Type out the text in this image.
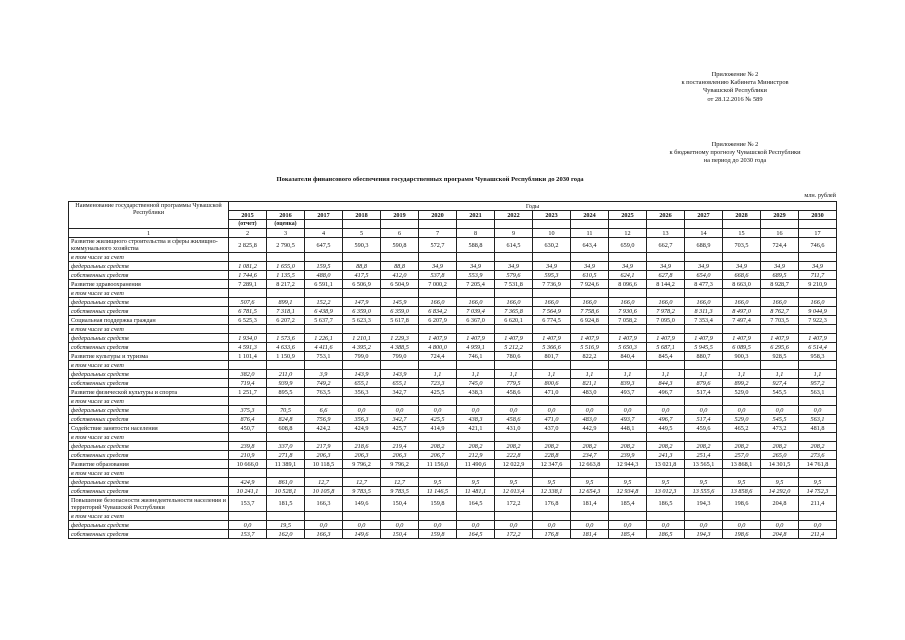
Приложение № 2
к постановлению Кабинета Министров
Чувашской Республики
от 28.12.2016 № 589
Приложение № 2
к бюджетному прогнозу Чувашской Республики
на период до 2030 года
Показатели финансового обеспечения государственных программ Чувашской Республики до 2030 года
млн. рублей
Наименование государственной программы Чувашской Республики	Годы															
	2015	2016	2017	2018	2019	2020	2021	2022	2023	2024	2025	2026	2027	2028	2029	2030
	(отчет)	(оценка)														
1	2	3	4	5	6	7	8	9	10	11	12	13	14	15	16	17
Развитие жилищного строительства и сферы жилищно-коммунального хозяйства	2 825,8	2 790,5	647,5	590,3	590,8	572,7	588,8	614,5	630,2	643,4	659,0	662,7	688,9	703,5	724,4	746,6
в том числе за счет																
федеральных средств	1 081,2	1 655,0	159,5	88,8	88,8	34,9	34,9	34,9	34,9	34,9	34,9	34,9	34,9	34,9	34,9	34,9
собственных средств	1 744,6	1 135,5	488,0	417,5	412,0	537,8	553,9	579,6	595,3	610,5	624,1	627,8	654,0	668,6	689,5	711,7
Развитие здравоохранения	7 289,1	8 217,2	6 591,1	6 506,9	6 504,9	7 000,2	7 205,4	7 531,8	7 736,9	7 924,6	8 096,6	8 144,2	8 477,3	8 663,0	8 928,7	9 210,9
в том числе за счет																
федеральных средств	507,6	899,1	152,2	147,9	145,9	166,0	166,0	166,0	166,0	166,0	166,0	166,0	166,0	166,0	166,0	166,0
собственных средств	6 781,5	7 318,1	6 438,9	6 359,0	6 359,0	6 834,2	7 039,4	7 365,8	7 564,9	7 758,6	7 930,6	7 978,2	8 311,3	8 497,0	8 762,7	9 044,9
Социальная поддержка граждан	6 525,3	6 207,2	5 637,7	5 623,3	5 617,8	6 207,9	6 367,0	6 620,1	6 774,5	6 924,8	7 058,2	7 095,0	7 353,4	7 497,4	7 703,5	7 922,3
в том числе за счет																
федеральных средств	1 934,0	1 573,6	1 226,1	1 210,1	1 229,3	1 407,9	1 407,9	1 407,9	1 407,9	1 407,9	1 407,9	1 407,9	1 407,9	1 407,9	1 407,9	1 407,9
собственных средств	4 591,3	4 633,6	4 411,6	4 395,2	4 388,5	4 800,0	4 959,1	5 212,2	5 366,6	5 516,9	5 650,3	5 687,1	5 945,5	6 089,5	6 295,6	6 514,4
Развитие культуры и туризма	1 101,4	1 150,9	753,1	799,0	799,0	724,4	746,1	780,6	801,7	822,2	840,4	845,4	880,7	900,3	928,5	958,3
в том числе за счет																
федеральных средств	382,0	211,0	3,9	143,9	143,9	1,1	1,1	1,1	1,1	1,1	1,1	1,1	1,1	1,1	1,1	1,1
собственных средств	719,4	939,9	749,2	655,1	655,1	723,3	745,0	779,5	800,6	821,1	839,3	844,3	879,6	899,2	927,4	957,2
Развитие физической культуры и спорта	1 251,7	895,5	763,5	356,3	342,7	425,5	438,3	458,6	471,0	483,0	493,7	496,7	517,4	529,0	545,5	563,1
в том числе за счет																
федеральных средств	375,3	70,5	6,6	0,0	0,0	0,0	0,0	0,0	0,0	0,0	0,0	0,0	0,0	0,0	0,0	0,0
собственных средств	876,4	824,8	756,9	356,3	342,7	425,5	438,3	458,6	471,0	483,0	493,7	496,7	517,4	529,0	545,5	563,1
Содействие занятости населения	450,7	608,8	424,2	424,9	425,7	414,9	421,1	431,0	437,0	442,9	448,1	449,5	459,6	465,2	473,2	481,8
в том числе за счет																
федеральных средств	239,8	337,0	217,9	218,6	219,4	208,2	208,2	208,2	208,2	208,2	208,2	208,2	208,2	208,2	208,2	208,2
собственных средств	210,9	271,8	206,3	206,3	206,3	206,7	212,9	222,8	228,8	234,7	239,9	241,3	251,4	257,0	265,0	273,6
Развитие образования	10 666,0	11 389,1	10 118,5	9 796,2	9 796,2	11 156,0	11 490,6	12 022,9	12 347,6	12 663,8	12 944,3	13 021,8	13 565,1	13 868,1	14 301,5	14 761,8
в том числе за счет																
федеральных средств	424,9	861,0	12,7	12,7	12,7	9,5	9,5	9,5	9,5	9,5	9,5	9,5	9,5	9,5	9,5	9,5
собственных средств	10 241,1	10 528,1	10 105,8	9 783,5	9 783,5	11 146,5	11 481,1	12 013,4	12 338,1	12 654,3	12 934,8	13 012,3	13 555,6	13 858,6	14 292,0	14 752,3
Повышение безопасности жизнедеятельности населения и территорий Чувашской Республики	153,7	181,5	166,3	149,6	150,4	159,8	164,5	172,2	176,8	181,4	185,4	186,5	194,3	198,6	204,8	211,4
в том числе за счет																
федеральных средств	0,0	19,5	0,0	0,0	0,0	0,0	0,0	0,0	0,0	0,0	0,0	0,0	0,0	0,0	0,0	0,0
собственных средств	153,7	162,0	166,3	149,6	150,4	159,8	164,5	172,2	176,8	181,4	185,4	186,5	194,3	198,6	204,8	211,4
